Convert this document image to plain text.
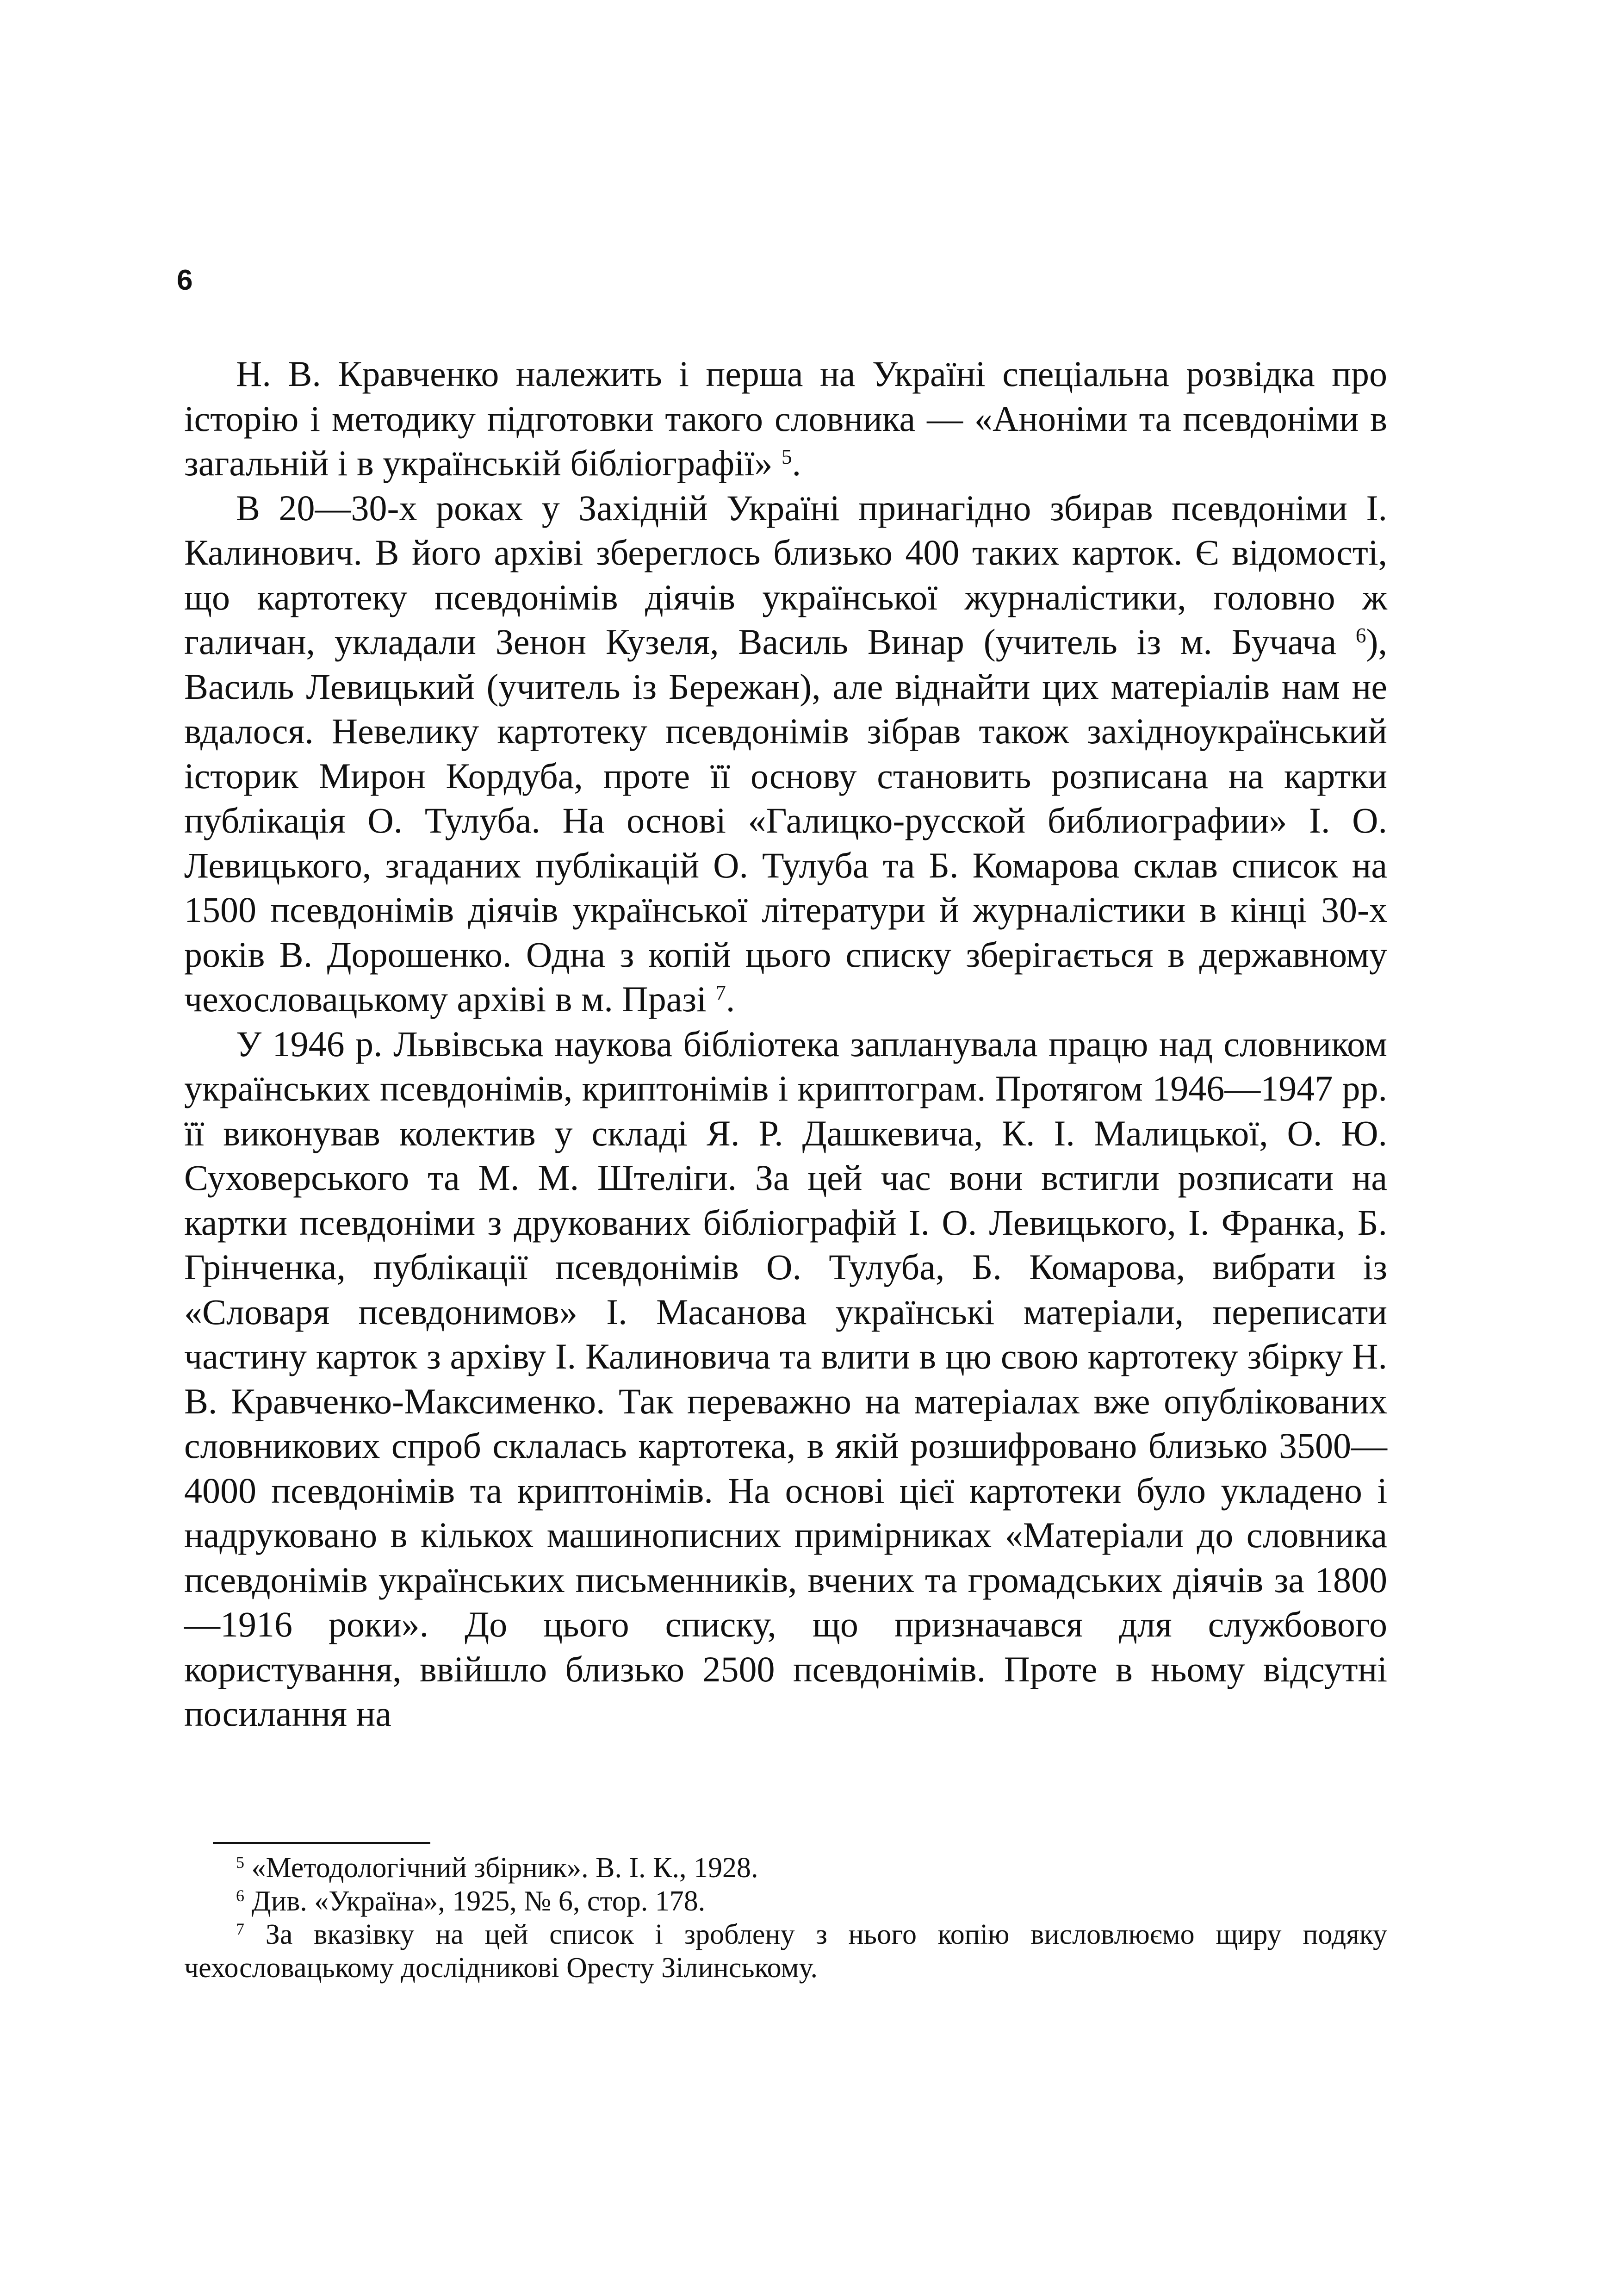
6

Н. В. Кравченко належить і перша на Україні спеціальна розвідка про історію і методику підготовки такого словника — «Аноніми та псевдоніми в загальній і в українській бібліографії» $^5$.

В 20—30-х роках у Західній Україні принагідно збирав псевдоніми І. Калинович. В його архіві збереглось близько 400 таких карток. Є відомості, що картотеку псевдонімів діячів української журналістики, головно ж галичан, укладали Зенон Кузеля, Василь Винар (учитель із м. Бучача $^6$), Василь Левицький (учитель із Бережан), але віднайти цих матеріалів нам не вдалося. Невелику картотеку псевдонімів зібрав також західноукраїнський історик Мирон Кордуба, проте її основу становить розписана на картки публікація О. Тулуба. На основі «Галицко-русской библиографии» І. О. Левицького, згаданих публікацій О. Тулуба та Б. Комарова склав список на 1500 псевдонімів діячів української літератури й журналістики в кінці 30-х років В. Дорошенко. Одна з копій цього списку зберігається в державному чехословацькому архіві в м. Празі $^7$.

У 1946 р. Львівська наукова бібліотека запланувала працю над словником українських псевдонімів, криптонімів і криптограм. Протягом 1946—1947 рр. її виконував колектив у складі Я. Р. Дашкевича, К. І. Малицької, О. Ю. Суховерського та М. М. Штеліги. За цей час вони встигли розписати на картки псевдоніми з друкованих бібліографій І. О. Левицького, І. Франка, Б. Грінченка, публікації псевдонімів О. Тулуба, Б. Комарова, вибрати із «Словаря псевдонимов» І. Масанова українські матеріали, переписати частину карток з архіву І. Калиновича та влити в цю свою картотеку збірку Н. В. Кравченко-Максименко. Так переважно на матеріалах вже опублікованих словникових спроб склалась картотека, в якій розшифровано близько 3500—4000 псевдонімів та криптонімів. На основі цієї картотеки було укладено і надруковано в кількох машинописних примірниках «Матеріали до словника псевдонімів українських письменників, вчених та громадських діячів за 1800—1916 роки». До цього списку, що призначався для службового користування, ввійшло близько 2500 псевдонімів. Проте в ньому відсутні посилання на

$^5$ «Методологічний збірник». В. І. К., 1928.

$^6$ Див. «Украïна», 1925, № 6, стор. 178.

$^7$ За вказівку на цей список і зроблену з нього копію висловлюємо щиру подяку чехословацькому дослідникові Оресту Зілинському.
